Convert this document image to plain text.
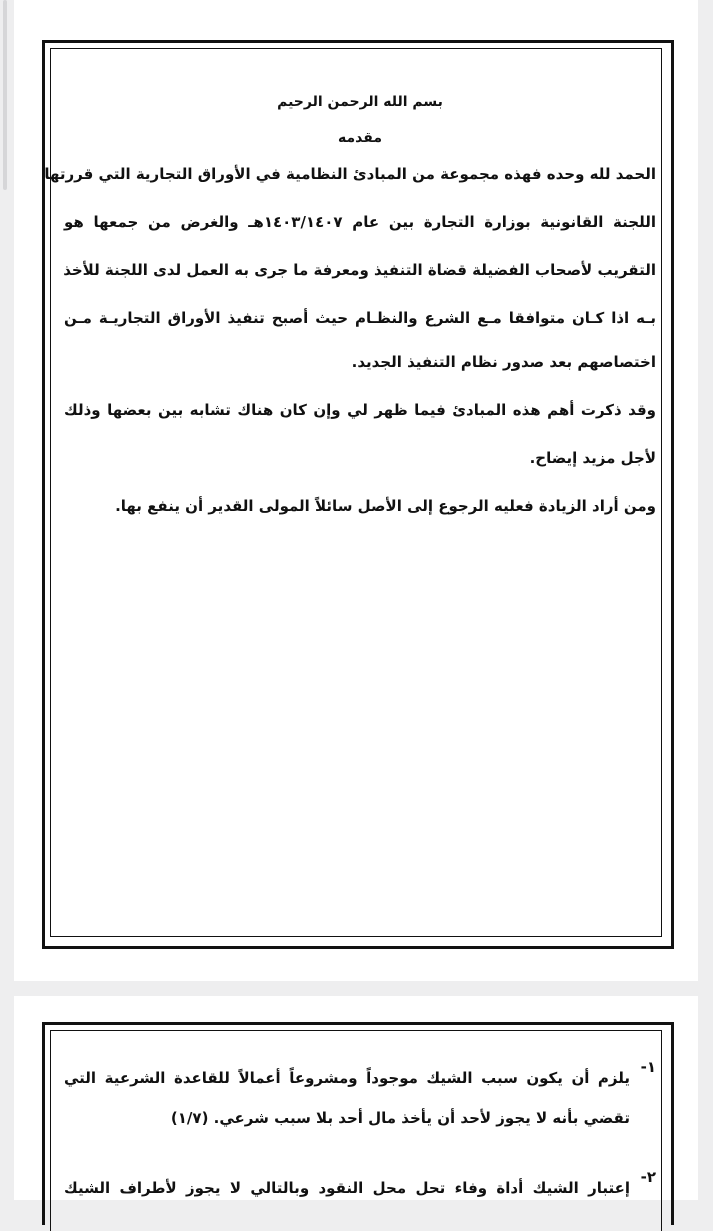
بسم الله الرحمن الرحيم

مقدمه

الحمد لله وحده فهذه مجموعة من المبادئ النظامية في الأوراق التجارية التي قررتها

اللجنة القانونية بوزارة التجارة بين عام ١٤٠٣/١٤٠٧هـ والغرض من جمعها هو

التقريب لأصحاب الفضيلة قضاة التنفيذ ومعرفة ما جرى به العمل لدى اللجنة للأخذ

بـه اذا كـان متوافقا مـع الشرع والنظـام حيث أصبح تنفيذ الأوراق التجاريـة مـن

اختصاصهم بعد صدور نظام التنفيذ الجديد.

وقد ذكرت أهم هذه المبادئ فيما ظهر لي وإن كان هناك تشابه بين بعضها وذلك

لأجل مزيد إيضاح.

ومن أراد الزيادة فعليه الرجوع إلى الأصل سائلاً المولى القدير أن ينفع بها.

١-

يلزم أن يكون سبب الشيك موجوداً ومشروعاً أعمالاً للقاعدة الشرعية التي

تقضي بأنه لا يجوز لأحد أن يأخذ مال أحد بلا سبب شرعي. (١/٧)

٢-

إعتبار الشيك أداة وفاء تحل محل النقود وبالتالي لا يجوز لأطراف الشيك
